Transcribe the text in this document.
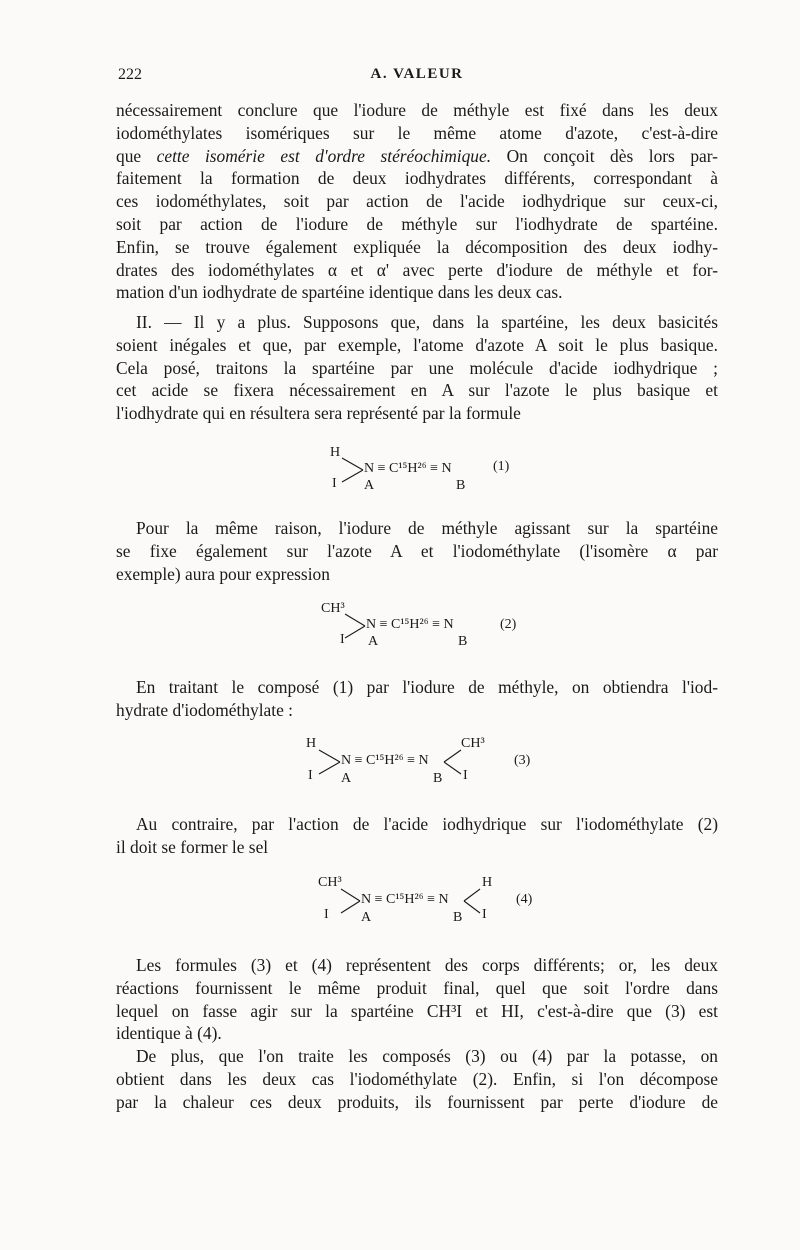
222	A. VALEUR
nécessairement conclure que l'iodure de méthyle est fixé dans les deux
iodométhylates isomériques sur le même atome d'azote, c'est-à-dire
que cette isomérie est d'ordre stéréochimique. On conçoit dès lors par-
faitement la formation de deux iodhydrates différents, correspondant à
ces iodométhylates, soit par action de l'acide iodhydrique sur ceux-ci,
soit par action de l'iodure de méthyle sur l'iodhydrate de spartéine.
Enfin, se trouve également expliquée la décomposition des deux iodhy-
drates des iodométhylates α et α' avec perte d'iodure de méthyle et for-
mation d'un iodhydrate de spartéine identique dans les deux cas.
II. — Il y a plus. Supposons que, dans la spartéine, les deux basicités
soient inégales et que, par exemple, l'atome d'azote A soit le plus basique.
Cela posé, traitons la spartéine par une molécule d'acide iodhydrique ;
cet acide se fixera nécessairement en A sur l'azote le plus basique et
l'iodhydrate qui en résultera sera représenté par la formule
H
I
N ≡ C¹⁵H²⁶ ≡ N
A	B
(1)
Pour la même raison, l'iodure de méthyle agissant sur la spartéine
se fixe également sur l'azote A et l'iodométhylate (l'isomère α par
exemple) aura pour expression
CH³
I
N ≡ C¹⁵H²⁶ ≡ N
A	B
(2)
En traitant le composé (1) par l'iodure de méthyle, on obtiendra l'iod-
hydrate d'iodométhylate :
H
I
N ≡ C¹⁵H²⁶ ≡ N
CH³
I
A	B
(3)
Au contraire, par l'action de l'acide iodhydrique sur l'iodométhylate (2)
il doit se former le sel
CH³
I
N ≡ C¹⁵H²⁶ ≡ N
H
I
A	B
(4)
Les formules (3) et (4) représentent des corps différents; or, les deux
réactions fournissent le même produit final, quel que soit l'ordre dans
lequel on fasse agir sur la spartéine CH³I et HI, c'est-à-dire que (3) est
identique à (4).
De plus, que l'on traite les composés (3) ou (4) par la potasse, on
obtient dans les deux cas l'iodométhylate (2). Enfin, si l'on décompose
par la chaleur ces deux produits, ils fournissent par perte d'iodure de
